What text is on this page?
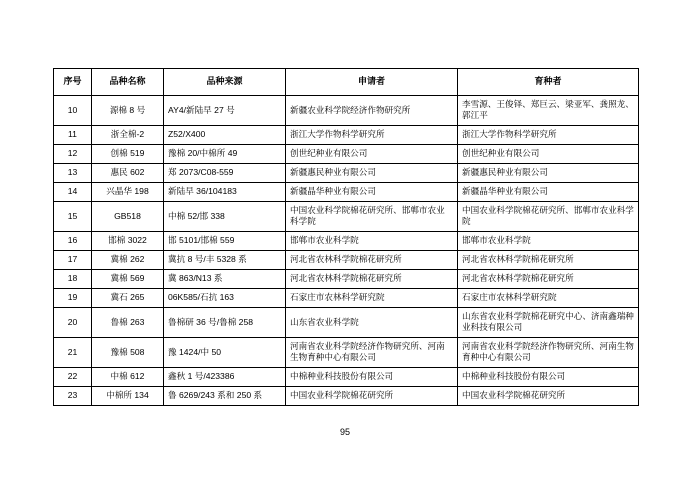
序号	品种名称	品种来源	申请者	育种者
10	源棉 8 号	AY4/新陆早 27 号	新疆农业科学院经济作物研究所	李雪源、王俊铎、郑巨云、梁亚军、龚照龙、郭江平
11	浙全棉-2	Z52/X400	浙江大学作物科学研究所	浙江大学作物科学研究所
12	创棉 519	豫棉 20/中棉所 49	创世纪种业有限公司	创世纪种业有限公司
13	惠民 602	郑 2073/C08-559	新疆惠民种业有限公司	新疆惠民种业有限公司
14	兴晶华 198	新陆早 36/104183	新疆晶华种业有限公司	新疆晶华种业有限公司
15	GB518	中棉 52/邯 338	中国农业科学院棉花研究所、邯郸市农业科学院	中国农业科学院棉花研究所、邯郸市农业科学院
16	邯棉 3022	邯 5101/邯棉 559	邯郸市农业科学院	邯郸市农业科学院
17	冀棉 262	冀抗 8 号/丰 5328 系	河北省农林科学院棉花研究所	河北省农林科学院棉花研究所
18	冀棉 569	冀 863/N13 系	河北省农林科学院棉花研究所	河北省农林科学院棉花研究所
19	冀石 265	06K585/石抗 163	石家庄市农林科学研究院	石家庄市农林科学研究院
20	鲁棉 263	鲁棉研 36 号/鲁棉 258	山东省农业科学院	山东省农业科学院棉花研究中心、济南鑫瑞种业科技有限公司
21	豫棉 508	豫 1424/中 50	河南省农业科学院经济作物研究所、河南生物育种中心有限公司	河南省农业科学院经济作物研究所、河南生物育种中心有限公司
22	中棉 612	鑫秋 1 号/423386	中棉种业科技股份有限公司	中棉种业科技股份有限公司
23	中棉所 134	鲁 6269/243 系和 250 系	中国农业科学院棉花研究所	中国农业科学院棉花研究所
95
